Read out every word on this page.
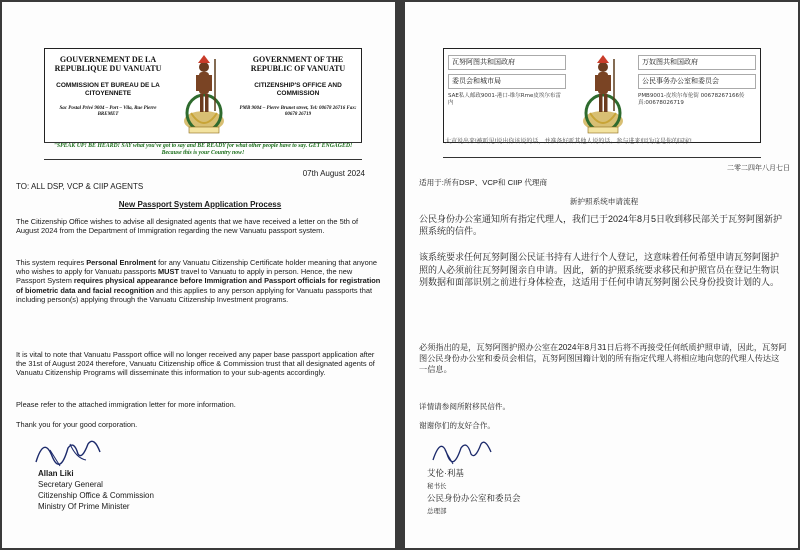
GOUVERNEMENT DE LA REPUBLIQUE DU VANUATU
COMMISSION ET BUREAU DE LA CITOYENNETE
Sac Postal Privé 9004 – Port – Vila, Rue Pierre BREMET
GOVERNMENT OF THE REPUBLIC OF VANUATU
CITIZENSHIP'S OFFICE AND COMMISSION
PMB 9004 – Pierre Brunet street, Tel: 00678 26716 Fax: 00678 26719
"SPEAK UP! BE HEARD! SAY what you've got to say and BE READY for what other people have to say. GET ENGAGED! Because this is your Country now!
07th August 2024
TO: ALL DSP, VCP & CIIP AGENTS
New Passport System Application Process
The Citizenship Office wishes to advise all designated agents that we have received a letter on the 5th of August 2024 from the Department of Immigration regarding the new Vanuatu passport system.
This system requires Personal Enrolment for any Vanuatu Citizenship Certificate holder meaning that anyone who wishes to apply for Vanuatu passports MUST travel to Vanuatu to apply in person. Hence, the new Passport System requires physical appearance before Immigration and Passport officials for registration of biometric data and facial recognition and this applies to any person applying for Vanuatu passports that including person(s) applying through the Vanuatu Citizenship Investment programs.
It is vital to note that Vanuatu Passport office will no longer received any paper base passport application after the 31st of August 2024 therefore, Vanuatu Citizenship office & Commission trust that all designated agents of Vanuatu Citizenship Programs will disseminate this information to your sub-agents accordingly.
Please refer to the attached immigration letter for more information.
Thank you for your good corporation.
Allan Liki
Secretary General
Citizenship Office & Commission
Ministry Of Prime Minister
瓦努阿图共和国政府
委员会和城市局
SAE私人邮政9001-港口-维尔Rme皮埃尔布雷内
万奴图共和国政府
公民事务办公室和委员会
PMB9001-皮埃尔布伦街 00678267166传真:00678026719
大声说出来!被听见!说出你该说的话，并准备好听其他人说的话。参与进来!因为这是你的国家!
二零二四年八月七日
适用于:所有DSP、VCP和 CIIP 代理商
新护照系统申请流程
公民身份办公室通知所有指定代理人，我们已于2024年8月5日收到移民部关于瓦努阿图新护照系统的信件。
该系统要求任何瓦努阿图公民证书持有人进行个人登记，这意味着任何希望申请瓦努阿图护照的人必须前往瓦努阿图亲自申请。因此，新的护照系统要求移民和护照官员在登记生物识别数据和面部识别之前进行身体检查，这适用于任何申请瓦努阿图公民身份投资计划的人。
必须指出的是，瓦努阿图护照办公室在2024年8月31日后将不再接受任何纸质护照申请，因此，瓦努阿图公民身份办公室和委员会相信，瓦努阿图国籍计划的所有指定代理人将相应地向您的代理人传达这一信息。
详情请参阅所附移民信件。
谢谢你们的友好合作。
艾伦·利基
秘书长
公民身份办公室和委员会
总理部
